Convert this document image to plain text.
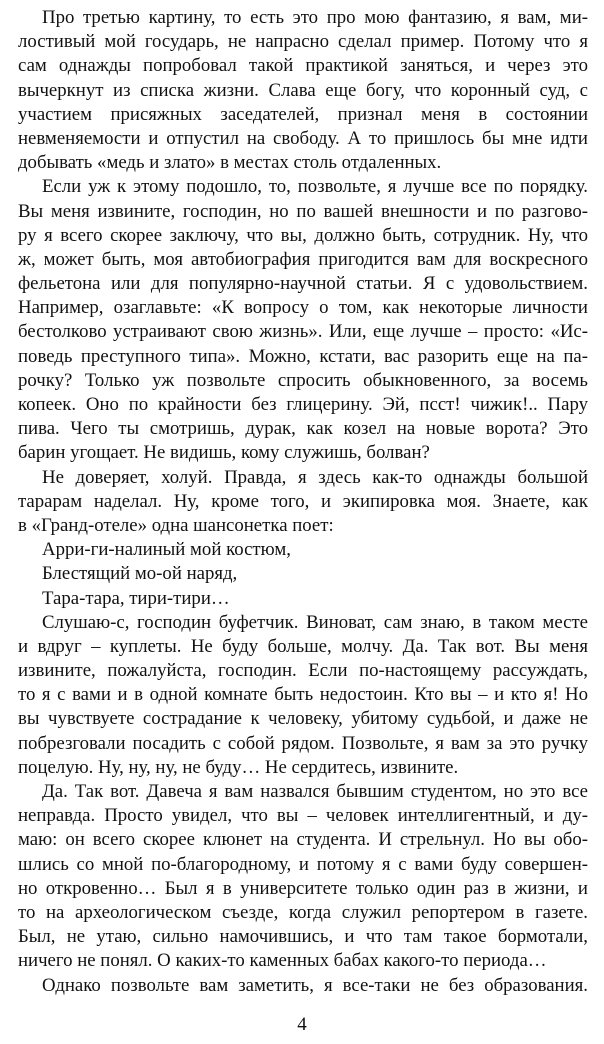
Про третью картину, то есть это про мою фантазию, я вам, ми-
лостивый мой государь, не напрасно сделал пример. Потому что я
сам однажды попробовал такой практикой заняться, и через это
вычеркнут из списка жизни. Слава еще богу, что коронный суд, с
участием присяжных заседателей, признал меня в состоянии
невменяемости и отпустил на свободу. А то пришлось бы мне идти
добывать «медь и злато» в местах столь отдаленных.
Если уж к этому подошло, то, позвольте, я лучше все по порядку.
Вы меня извините, господин, но по вашей внешности и по разгово-
ру я всего скорее заключу, что вы, должно быть, сотрудник. Ну, что
ж, может быть, моя автобиография пригодится вам для воскресного
фельетона или для популярно-научной статьи. Я с удовольствием.
Например, озаглавьте: «К вопросу о том, как некоторые личности
бестолково устраивают свою жизнь». Или, еще лучше – просто: «Ис-
поведь преступного типа». Можно, кстати, вас разорить еще на па-
рочку? Только уж позвольте спросить обыкновенного, за восемь
копеек. Оно по крайности без глицерину. Эй, псст! чижик!.. Пару
пива. Чего ты смотришь, дурак, как козел на новые ворота? Это
барин угощает. Не видишь, кому служишь, болван?
Не доверяет, холуй. Правда, я здесь как-то однажды большой
тарарам наделал. Ну, кроме того, и экипировка моя. Знаете, как
в «Гранд-отеле» одна шансонетка поет:
Арри-ги-налиный мой костюм,
Блестящий мо-ой наряд,
Тара-тара, тири-тири…
Слушаю-с, господин буфетчик. Виноват, сам знаю, в таком месте
и вдруг – куплеты. Не буду больше, молчу. Да. Так вот. Вы меня
извините, пожалуйста, господин. Если по-настоящему рассуждать,
то я с вами и в одной комнате быть недостоин. Кто вы – и кто я! Но
вы чувствуете сострадание к человеку, убитому судьбой, и даже не
побрезговали посадить с собой рядом. Позвольте, я вам за это ручку
поцелую. Ну, ну, ну, не буду… Не сердитесь, извините.
Да. Так вот. Давеча я вам назвался бывшим студентом, но это все
неправда. Просто увидел, что вы – человек интеллигентный, и ду-
маю: он всего скорее клюнет на студента. И стрельнул. Но вы обо-
шлись со мной по-благородному, и потому я с вами буду совершен-
но откровенно… Был я в университете только один раз в жизни, и
то на археологическом съезде, когда служил репортером в газете.
Был, не утаю, сильно намочившись, и что там такое бормотали,
ничего не понял. О каких-то каменных бабах какого-то периода…
Однако позвольте вам заметить, я все-таки не без образования.
4
